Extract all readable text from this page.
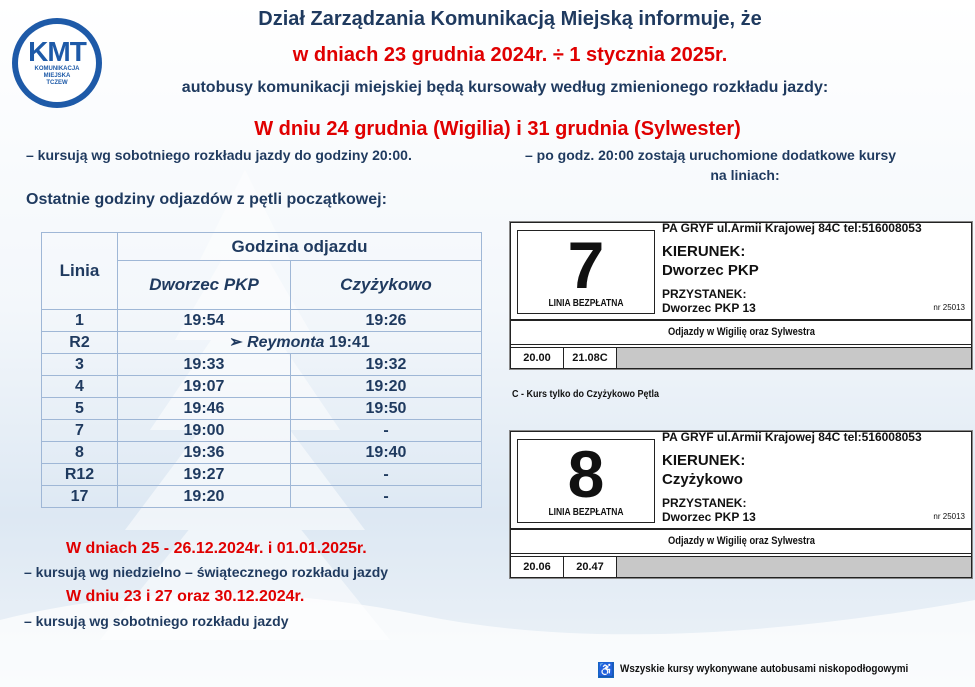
KMT
KOMUNIKACJA
MIEJSKA
TCZEW
Dział Zarządzania Komunikacją Miejską informuje, że
w dniach 23 grudnia 2024r. ÷ 1 stycznia 2025r.
autobusy komunikacji miejskiej będą kursowały według zmienionego rozkładu jazdy:
W dniu 24 grudnia (Wigilia) i 31 grudnia (Sylwester)
– kursują wg sobotniego rozkładu jazdy do godziny 20:00.	– po godz. 20:00 zostają uruchomione dodatkowe kursy
na liniach:
Ostatnie godziny odjazdów z pętli początkowej:
Linia	Godzina odjazdu	
	Dworzec PKP	Czyżykowo
1	19:54	19:26
R2	➢ Reymonta 19:41	
3	19:33	19:32
4	19:07	19:20
5	19:46	19:50
7	19:00	-
8	19:36	19:40
R12	19:27	-
17	19:20	-
W dniach 25 - 26.12.2024r. i 01.01.2025r.
– kursują wg niedzielno – świątecznego rozkładu jazdy
W dniu 23 i 27 oraz 30.12.2024r.
– kursują wg sobotniego rozkładu jazdy
7
LINIA BEZPŁATNA
PA GRYF ul.Armii Krajowej 84C tel:516008053
KIERUNEK:
Dworzec PKP
PRZYSTANEK:
Dworzec PKP 13	nr 25013
Odjazdy w Wigilię oraz Sylwestra
20.00	21.08C
C - Kurs tylko do Czyżykowo Pętla
8
LINIA BEZPŁATNA
PA GRYF ul.Armii Krajowej 84C tel:516008053
KIERUNEK:
Czyżykowo
PRZYSTANEK:
Dworzec PKP 13	nr 25013
Odjazdy w Wigilię oraz Sylwestra
20.06	20.47
♿ Wszyskie kursy wykonywane autobusami niskopodłogowymi
